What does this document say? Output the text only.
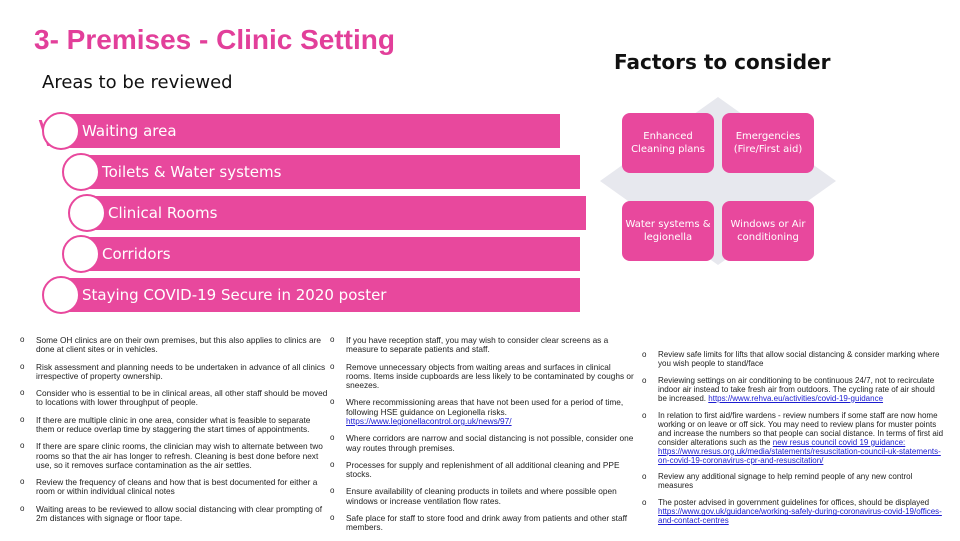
3- Premises - Clinic Setting
Areas to be reviewed
Factors to consider
Waiting area
Toilets & Water systems
Clinical Rooms
Corridors
Staying COVID-19 Secure in 2020 poster
Enhanced Cleaning plans
Emergencies (Fire/First aid)
Water systems & legionella
Windows or Air conditioning
o Some OH clinics are on their own premises, but this also applies to clinics are done at client sites or in vehicles.
o Risk assessment and planning needs to be undertaken in advance of all clinics irrespective of property ownership.
o Consider who is essential to be in clinical areas, all other staff should be moved to locations with lower throughput of people.
o If there are multiple clinic in one area, consider what is feasible to separate them or reduce overlap time by staggering the start times of appointments.
o If there are spare clinic rooms, the clinician may wish to alternate between two rooms so that the air has longer to refresh. Cleaning is best done before next use, so it removes surface contamination as the air settles.
o Review the frequency of cleans and how that is best documented for either a room or within individual clinical notes
o Waiting areas to be reviewed to allow social distancing with clear prompting of 2m distances with signage or floor tape.
o If you have reception staff, you may wish to consider clear screens as a measure to separate patients and staff.
o Remove unnecessary objects from waiting areas and surfaces in clinical rooms. Items inside cupboards are less likely to be contaminated by coughs or sneezes.
o Where recommissioning areas that have not been used for a period of time, following HSE guidance on Legionella risks.
https://www.legionellacontrol.org.uk/news/97/
o Where corridors are narrow and social distancing is not possible, consider one way routes through premises.
o Processes for supply and replenishment of all additional cleaning and PPE stocks.
o Ensure availability of cleaning products in toilets and where possible open windows or increase ventilation flow rates.
o Safe place for staff to store food and drink away from patients and other staff members.
o Review safe limits for lifts that allow social distancing & consider marking where you wish people to stand/face
o Reviewing settings on air conditioning to be continuous 24/7, not to recirculate indoor air instead to take fresh air from outdoors. The cycling rate of air should be increased. https://www.rehva.eu/activities/covid-19-guidance
o In relation to first aid/fire wardens - review numbers if some staff are now home working or on leave or off sick. You may need to review plans for muster points and increase the numbers so that people can social distance. In terms of first aid consider alterations such as the new resus council covid 19 guidance: https://www.resus.org.uk/media/statements/resuscitation-council-uk-statements-on-covid-19-coronavirus-cpr-and-resuscitation/
o Review any additional signage to help remind people of any new control measures
o The poster advised in government guidelines for offices, should be displayed https://www.gov.uk/guidance/working-safely-during-coronavirus-covid-19/offices-and-contact-centres
